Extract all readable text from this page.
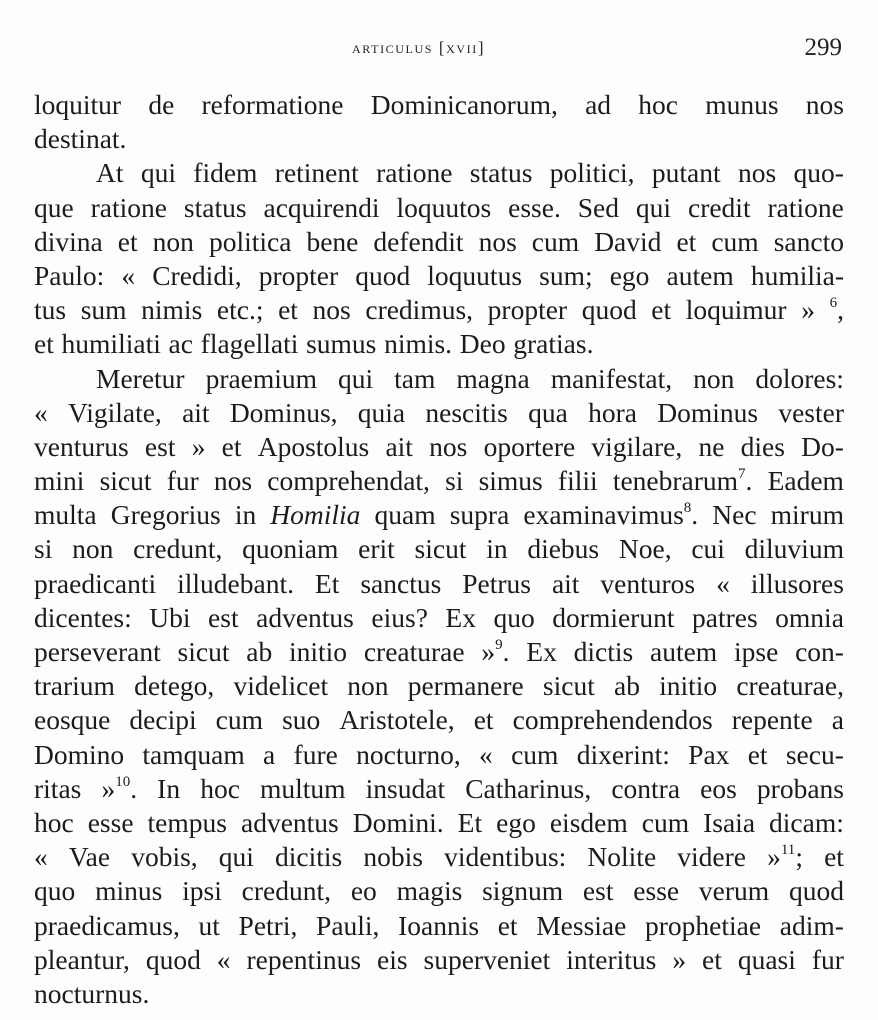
articulus [xvii]	299
loquitur de reformatione Dominicanorum, ad hoc munus nos
destinat.
At qui fidem retinent ratione status politici, putant nos quo-
que ratione status acquirendi loquutos esse. Sed qui credit ratione
divina et non politica bene defendit nos cum David et cum sancto
Paulo: « Credidi, propter quod loquutus sum; ego autem humilia-
tus sum nimis etc.; et nos credimus, propter quod et loquimur » $^6$,
et humiliati ac flagellati sumus nimis. Deo gratias.
Meretur praemium qui tam magna manifestat, non dolores:
« Vigilate, ait Dominus, quia nescitis qua hora Dominus vester
venturus est » et Apostolus ait nos oportere vigilare, ne dies Do-
mini sicut fur nos comprehendat, si simus filii tenebrarum$^7$. Eadem
multa Gregorius in Homilia quam supra examinavimus$^8$. Nec mirum
si non credunt, quoniam erit sicut in diebus Noe, cui diluvium
praedicanti illudebant. Et sanctus Petrus ait venturos « illusores
dicentes: Ubi est adventus eius? Ex quo dormierunt patres omnia
perseverant sicut ab initio creaturae »$^9$. Ex dictis autem ipse con-
trarium detego, videlicet non permanere sicut ab initio creaturae,
eosque decipi cum suo Aristotele, et comprehendendos repente a
Domino tamquam a fure nocturno, « cum dixerint: Pax et secu-
ritas »$^{10}$. In hoc multum insudat Catharinus, contra eos probans
hoc esse tempus adventus Domini. Et ego eisdem cum Isaia dicam:
« Vae vobis, qui dicitis nobis videntibus: Nolite videre »$^{11}$; et
quo minus ipsi credunt, eo magis signum est esse verum quod
praedicamus, ut Petri, Pauli, Ioannis et Messiae prophetiae adim-
pleantur, quod « repentinus eis superveniet interitus » et quasi fur
nocturnus.
